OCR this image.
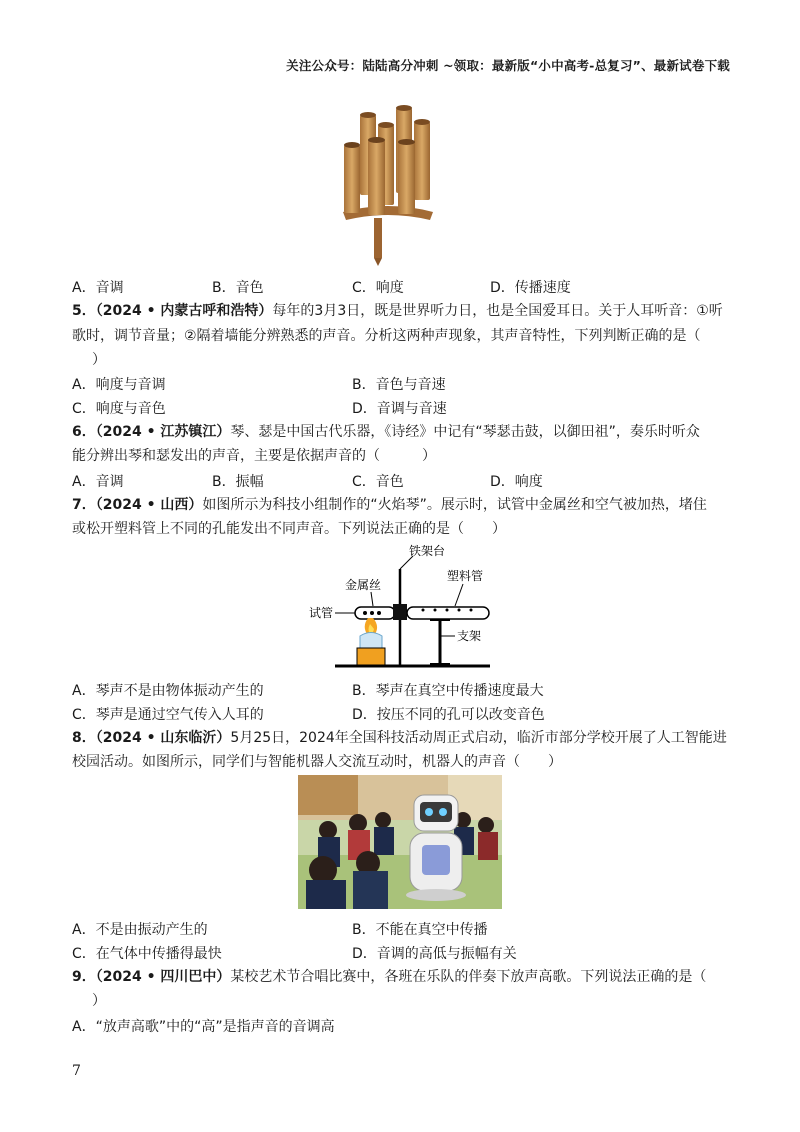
关注公众号：陆陆高分冲刺 ~领取：最新版“小中高考-总复习”、最新试卷下载
A．音调	B．音色	C．响度	D．传播速度
5．（2024 • 内蒙古呼和浩特）每年的3月3日，既是世界听力日，也是全国爱耳日。关于人耳听音：①听
歌时，调节音量；②隔着墙能分辨熟悉的声音。分析这两种声现象，其声音特性，下列判断正确的是（
）
A．响度与音调	B．音色与音速
C．响度与音色	D．音调与音速
6．（2024 • 江苏镇江）琴、瑟是中国古代乐器，《诗经》中记有“琴瑟击鼓，以御田祖”，奏乐时听众
能分辨出琴和瑟发出的声音，主要是依据声音的（　　　）
A．音调	B．振幅	C．音色	D．响度
7．（2024 • 山西）如图所示为科技小组制作的“火焰琴”。展示时，试管中金属丝和空气被加热，堵住
或松开塑料管上不同的孔能发出不同声音。下列说法正确的是（　　）
铁架台
金属丝
塑料管
试管
支架
A．琴声不是由物体振动产生的	B．琴声在真空中传播速度最大
C．琴声是通过空气传入人耳的	D．按压不同的孔可以改变音色
8．（2024 • 山东临沂）5月25日，2024年全国科技活动周正式启动，临沂市部分学校开展了人工智能进
校园活动。如图所示，同学们与智能机器人交流互动时，机器人的声音（　　）
A．不是由振动产生的	B．不能在真空中传播
C．在气体中传播得最快	D．音调的高低与振幅有关
9．（2024 • 四川巴中）某校艺术节合唱比赛中，各班在乐队的伴奏下放声高歌。下列说法正确的是（
）
A．“放声高歌”中的“高”是指声音的音调高
7
